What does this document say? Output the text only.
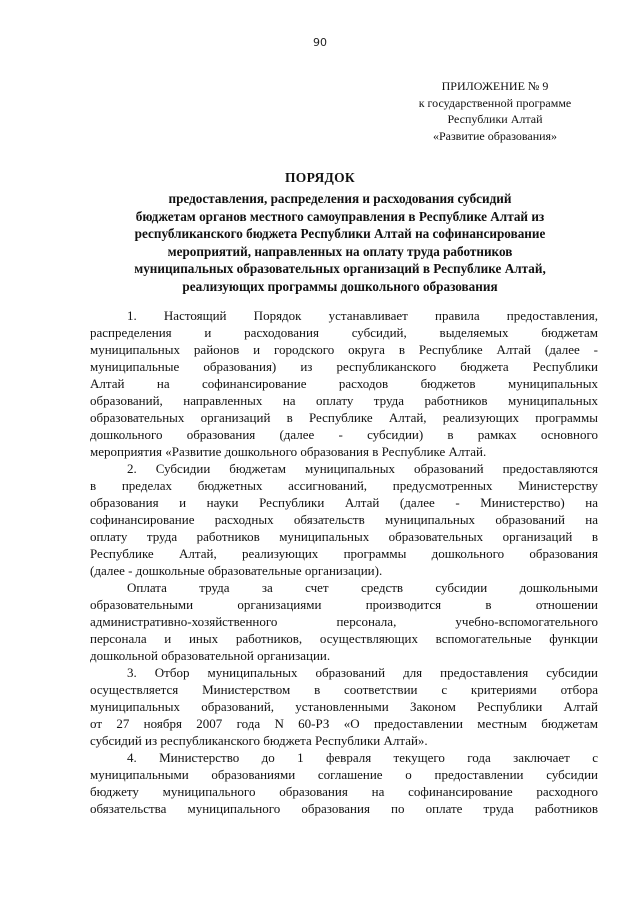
90
ПРИЛОЖЕНИЕ № 9
к государственной программе
Республики Алтай
«Развитие образования»
ПОРЯДОК
предоставления, распределения и расходования субсидий
бюджетам органов местного самоуправления в Республике Алтай из
республиканского бюджета Республики Алтай на софинансирование
мероприятий, направленных на оплату труда работников
муниципальных образовательных организаций в Республике Алтай,
реализующих программы дошкольного образования
1. Настоящий Порядок устанавливает правила предоставления,
распределения и расходования субсидий, выделяемых бюджетам
муниципальных районов и городского округа в Республике Алтай (далее -
муниципальные образования) из республиканского бюджета Республики
Алтай на софинансирование расходов бюджетов муниципальных
образований, направленных на оплату труда работников муниципальных
образовательных организаций в Республике Алтай, реализующих программы
дошкольного образования (далее - субсидии) в рамках основного
мероприятия «Развитие дошкольного образования в Республике Алтай.
2. Субсидии бюджетам муниципальных образований предоставляются
в пределах бюджетных ассигнований, предусмотренных Министерству
образования и науки Республики Алтай (далее - Министерство) на
софинансирование расходных обязательств муниципальных образований на
оплату труда работников муниципальных образовательных организаций в
Республике Алтай, реализующих программы дошкольного образования
(далее - дошкольные образовательные организации).
Оплата труда за счет средств субсидии дошкольными
образовательными организациями производится в отношении
административно-хозяйственного персонала, учебно-вспомогательного
персонала и иных работников, осуществляющих вспомогательные функции
дошкольной образовательной организации.
3. Отбор муниципальных образований для предоставления субсидии
осуществляется Министерством в соответствии с критериями отбора
муниципальных образований, установленными Законом Республики Алтай
от 27 ноября 2007 года N 60-РЗ «О предоставлении местным бюджетам
субсидий из республиканского бюджета Республики Алтай».
4. Министерство до 1 февраля текущего года заключает с
муниципальными образованиями соглашение о предоставлении субсидии
бюджету муниципального образования на софинансирование расходного
обязательства муниципального образования по оплате труда работников
